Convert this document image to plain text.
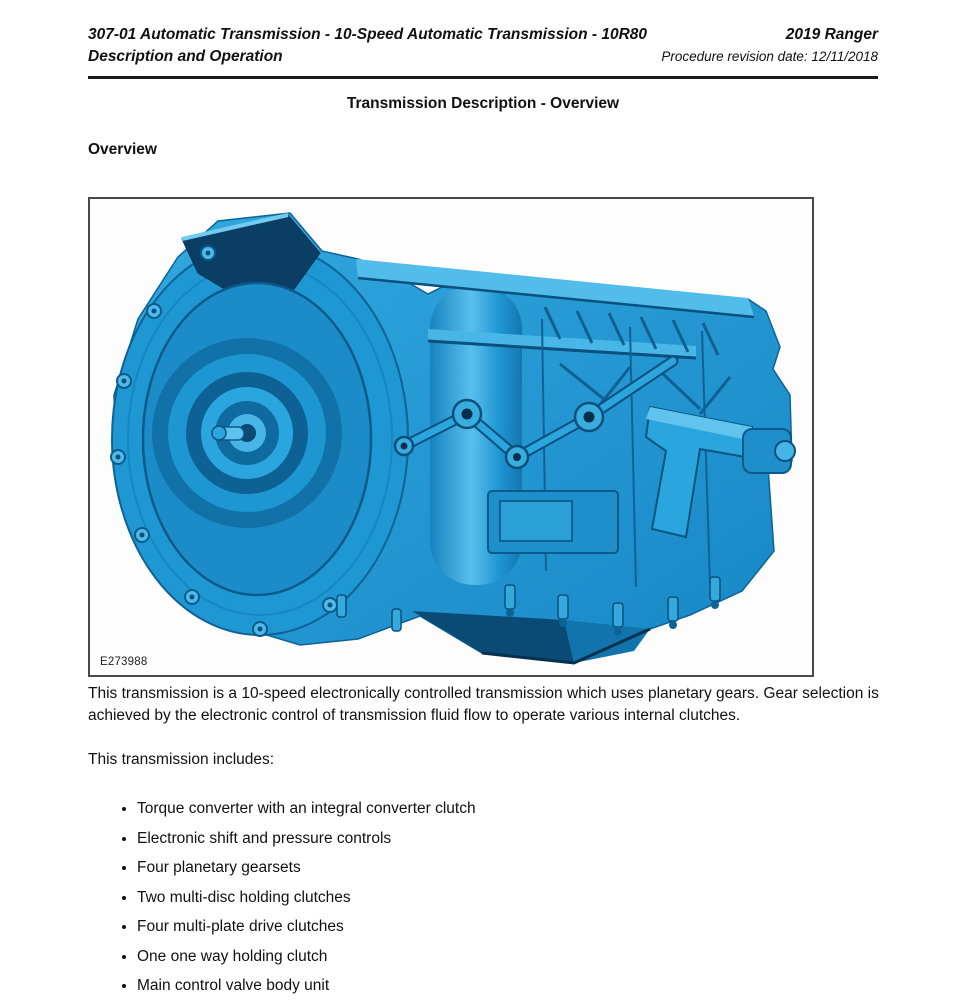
307-01 Automatic Transmission - 10-Speed Automatic Transmission - 10R80	2019 Ranger
Description and Operation	Procedure revision date: 12/11/2018
Transmission Description - Overview
Overview
E273988

This transmission is a 10-speed electronically controlled transmission which uses planetary gears. Gear selection is achieved by the electronic control of transmission fluid flow to operate various internal clutches.

This transmission includes:

• Torque converter with an integral converter clutch
• Electronic shift and pressure controls
• Four planetary gearsets
• Two multi-disc holding clutches
• Four multi-plate drive clutches
• One one way holding clutch
• Main control valve body unit
